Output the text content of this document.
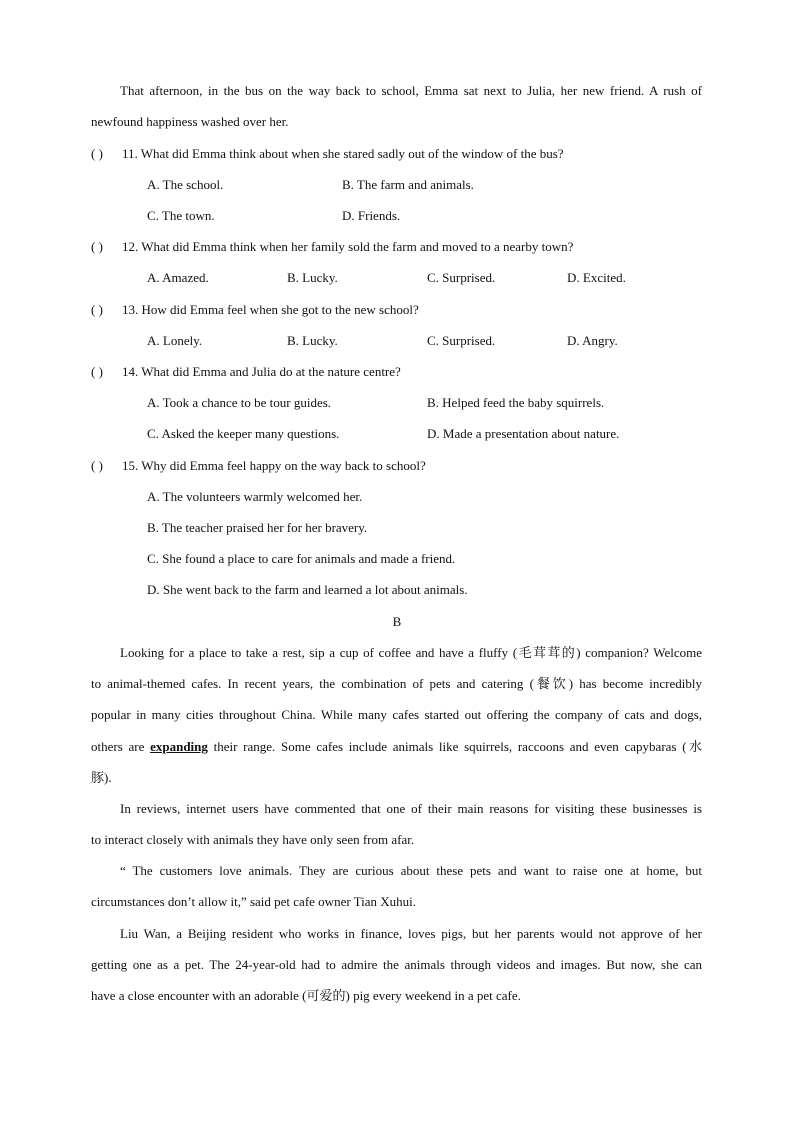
That afternoon, in the bus on the way back to school, Emma sat next to Julia, her new friend. A rush of
newfound happiness washed over her.
( ) 11. What did Emma think about when she stared sadly out of the window of the bus?
A. The school.	B. The farm and animals.
C. The town.	D. Friends.
( ) 12. What did Emma think when her family sold the farm and moved to a nearby town?
A. Amazed.	B. Lucky.	C. Surprised.	D. Excited.
( ) 13. How did Emma feel when she got to the new school?
A. Lonely.	B. Lucky.	C. Surprised.	D. Angry.
( ) 14. What did Emma and Julia do at the nature centre?
A. Took a chance to be tour guides.	B. Helped feed the baby squirrels.
C. Asked the keeper many questions.	D. Made a presentation about nature.
( ) 15. Why did Emma feel happy on the way back to school?
A. The volunteers warmly welcomed her.
B. The teacher praised her for her bravery.
C. She found a place to care for animals and made a friend.
D. She went back to the farm and learned a lot about animals.
B
Looking for a place to take a rest, sip a cup of coffee and have a fluffy (毛茸茸的) companion? Welcome
to animal-themed cafes. In recent years, the combination of pets and catering (餐饮) has become incredibly
popular in many cities throughout China. While many cafes started out offering the company of cats and dogs,
others are expanding their range. Some cafes include animals like squirrels, raccoons and even capybaras (水
豚).
In reviews, internet users have commented that one of their main reasons for visiting these businesses is
to interact closely with animals they have only seen from afar.
“ The customers love animals. They are curious about these pets and want to raise one at home, but
circumstances don’t allow it,” said pet cafe owner Tian Xuhui.
Liu Wan, a Beijing resident who works in finance, loves pigs, but her parents would not approve of her
getting one as a pet. The 24-year-old had to admire the animals through videos and images. But now, she can
have a close encounter with an adorable (可爱的) pig every weekend in a pet cafe.
